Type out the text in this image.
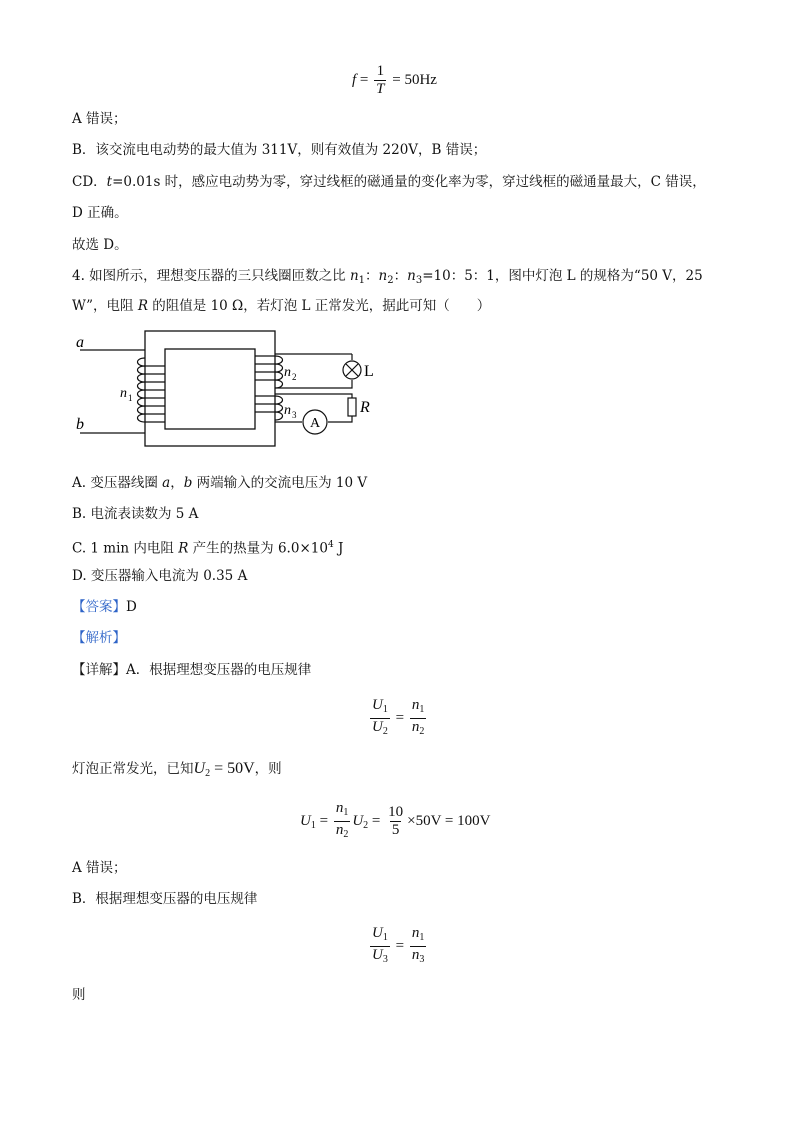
$f = \frac{1}{T} = 50Hz$
A 错误；
B．该交流电电动势的最大值为 311V，则有效值为 220V，B 错误；
CD．t=0.01s 时，感应电动势为零，穿过线框的磁通量的变化率为零，穿过线框的磁通量最大，C 错误，
D 正确。
故选 D。
4. 如图所示，理想变压器的三只线圈匝数之比 $n_1$：$n_2$：$n_3=10$：5：1，图中灯泡 L 的规格为“50 V，25
W”，电阻 R 的阻值是 10 Ω，若灯泡 L 正常发光，据此可知（　　）
a
b
n 1
n 2
n 3
L
R
A
A. 变压器线圈 a，b 两端输入的交流电压为 10 V
B. 电流表读数为 5 A
C. 1 min 内电阻 R 产生的热量为 $6.0\times 10^4$ J
D. 变压器输入电流为 0.35 A
【答案】D
【解析】
【详解】A．根据理想变压器的电压规律
$\frac{U_1}{U_2} = \frac{n_1}{n_2}$
灯泡正常发光，已知$U_2 = 50V$，则
$U_1 = \frac{n_1}{n_2} U_2 = \frac{10}{5} \times 50V = 100V$
A 错误；
B．根据理想变压器的电压规律
$\frac{U_1}{U_3} = \frac{n_1}{n_3}$
则
